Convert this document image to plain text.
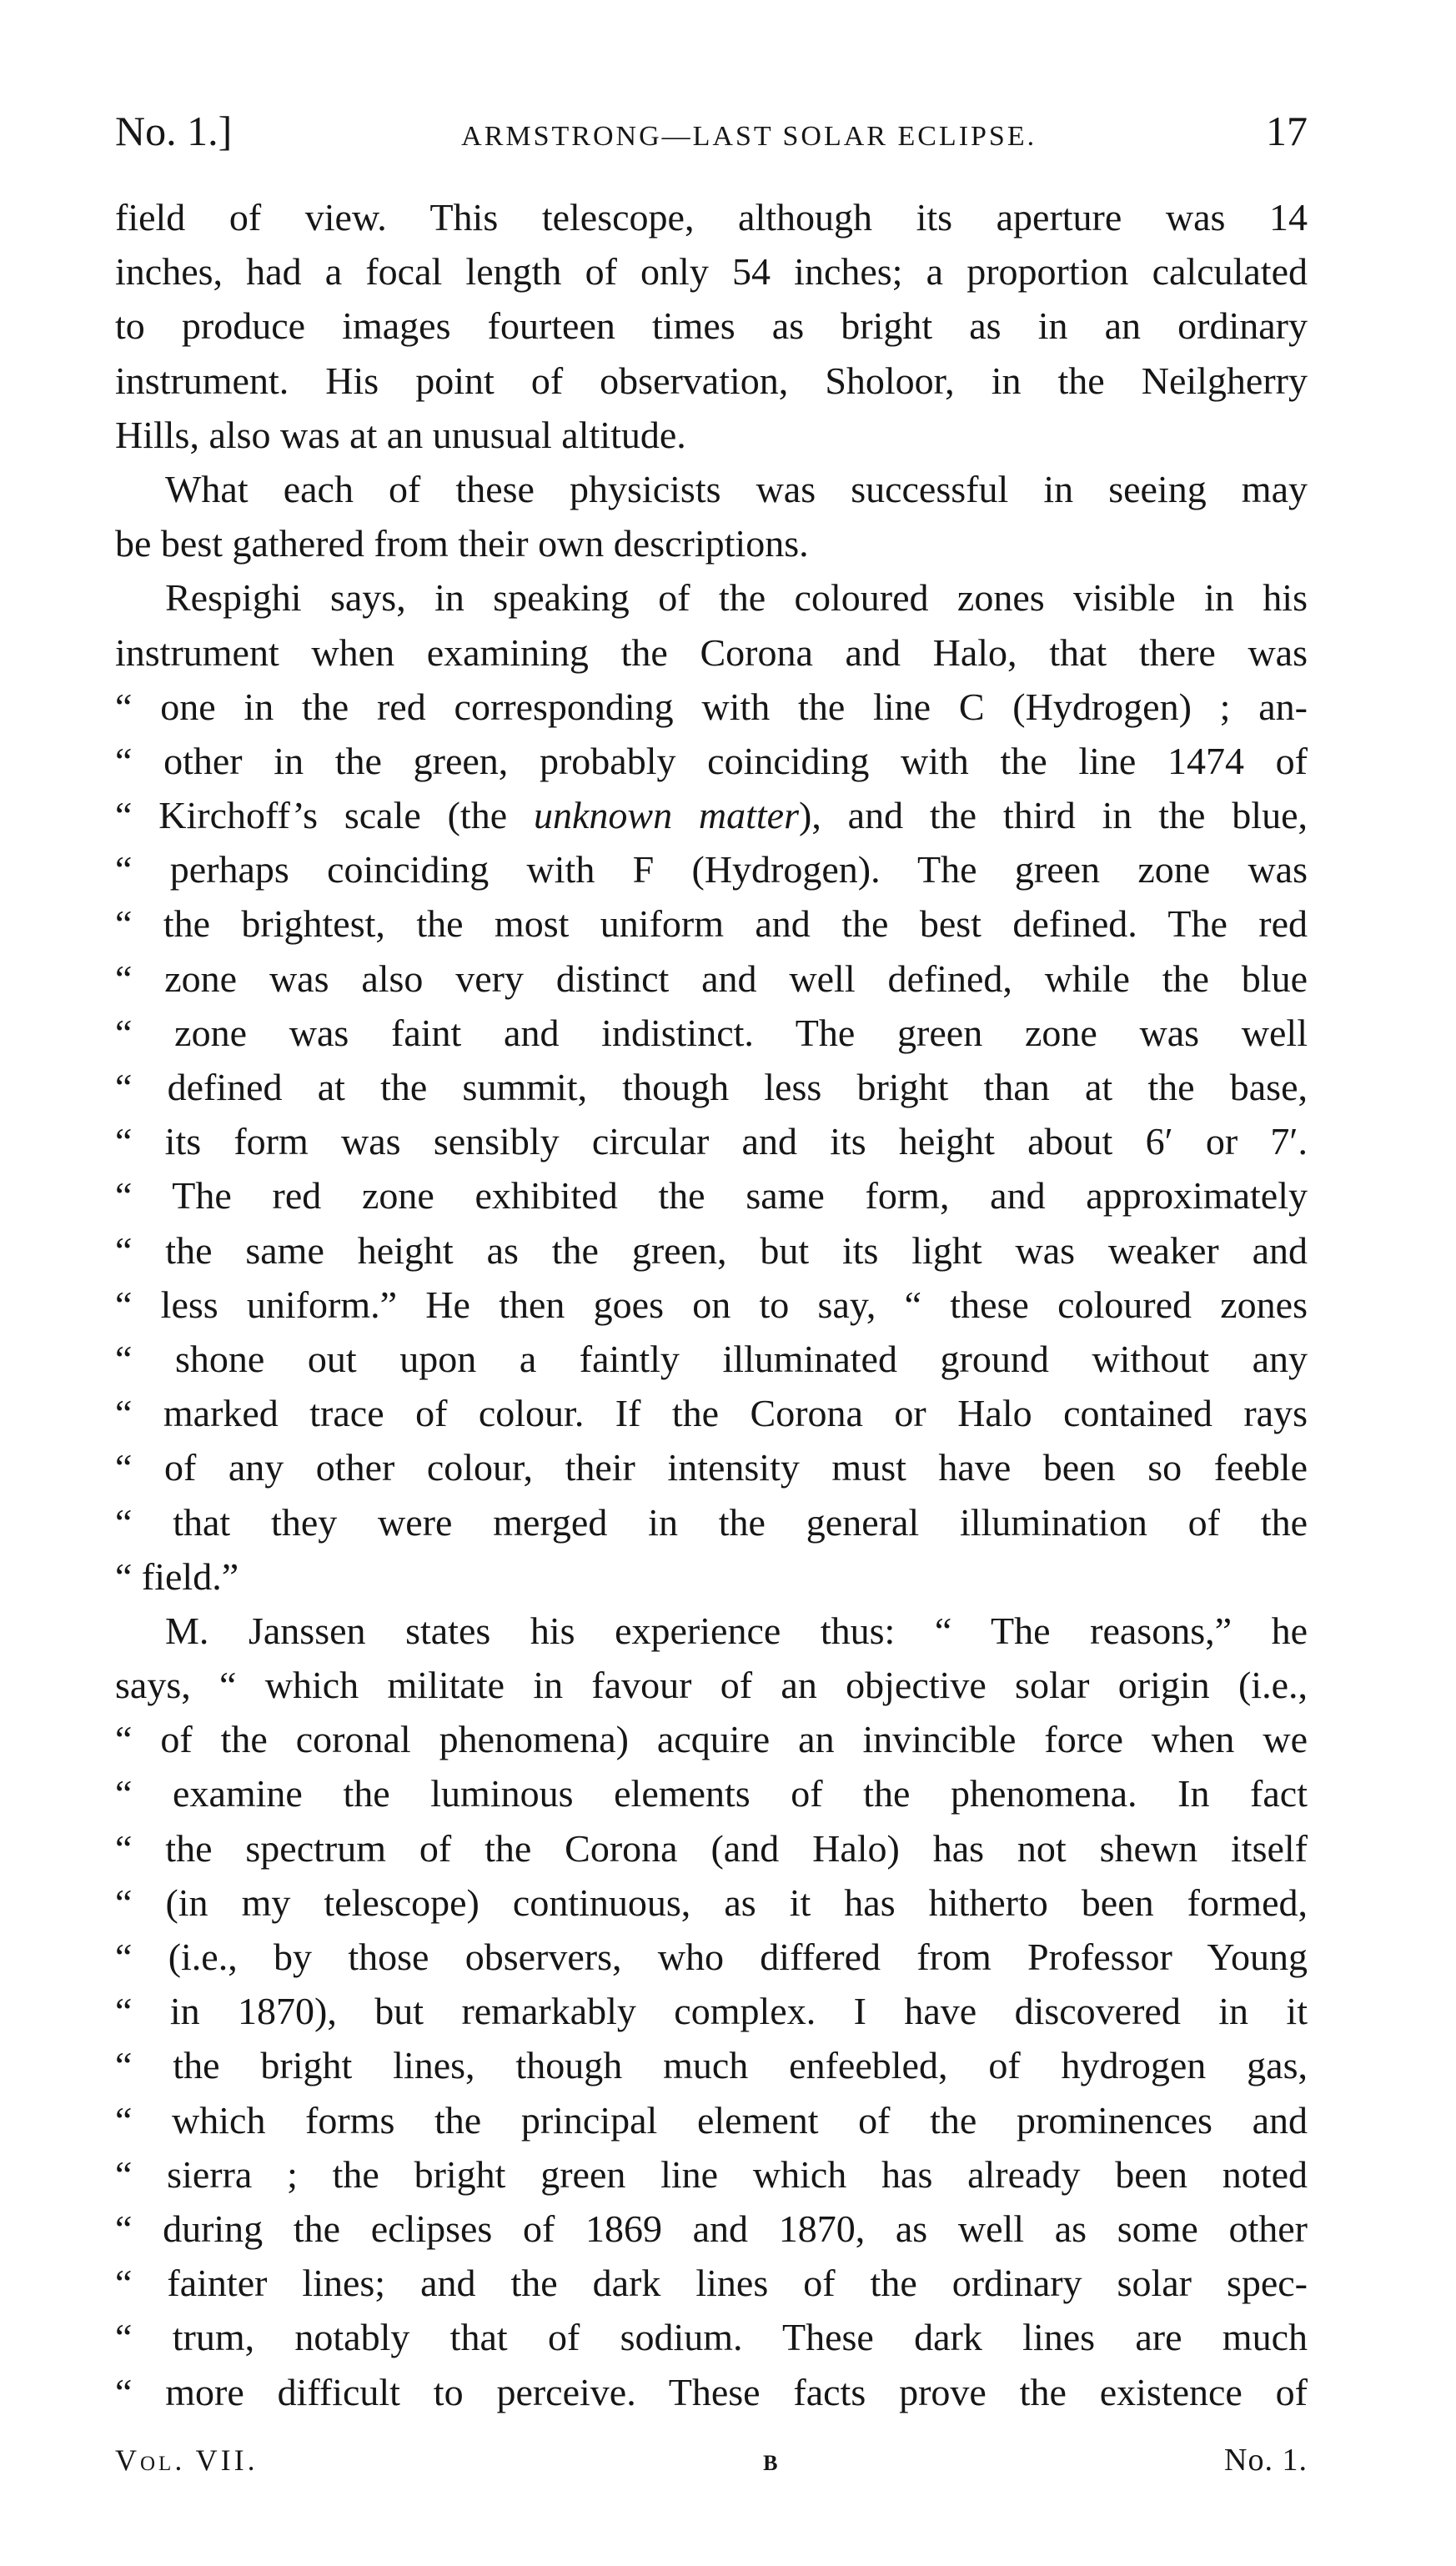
No. 1.]	ARMSTRONG—LAST SOLAR ECLIPSE.	17
field of view. This telescope, although its aperture was 14
inches, had a focal length of only 54 inches; a proportion calculated
to produce images fourteen times as bright as in an ordinary
instrument. His point of observation, Sholoor, in the Neilgherry
Hills, also was at an unusual altitude.
What each of these physicists was successful in seeing may
be best gathered from their own descriptions.
Respighi says, in speaking of the coloured zones visible in his
instrument when examining the Corona and Halo, that there was
“ one in the red corresponding with the line C (Hydrogen) ; an-
“ other in the green, probably coinciding with the line 1474 of
“ Kirchoff’s scale (the unknown matter), and the third in the blue,
“ perhaps coinciding with F (Hydrogen). The green zone was
“ the brightest, the most uniform and the best defined. The red
“ zone was also very distinct and well defined, while the blue
“ zone was faint and indistinct. The green zone was well
“ defined at the summit, though less bright than at the base,
“ its form was sensibly circular and its height about 6′ or 7′.
“ The red zone exhibited the same form, and approximately
“ the same height as the green, but its light was weaker and
“ less uniform.” He then goes on to say, “ these coloured zones
“ shone out upon a faintly illuminated ground without any
“ marked trace of colour. If the Corona or Halo contained rays
“ of any other colour, their intensity must have been so feeble
“ that they were merged in the general illumination of the
“ field.”
M. Janssen states his experience thus: “ The reasons,” he
says, “ which militate in favour of an objective solar origin (i.e.,
“ of the coronal phenomena) acquire an invincible force when we
“ examine the luminous elements of the phenomena. In fact
“ the spectrum of the Corona (and Halo) has not shewn itself
“ (in my telescope) continuous, as it has hitherto been formed,
“ (i.e., by those observers, who differed from Professor Young
“ in 1870), but remarkably complex. I have discovered in it
“ the bright lines, though much enfeebled, of hydrogen gas,
“ which forms the principal element of the prominences and
“ sierra ; the bright green line which has already been noted
“ during the eclipses of 1869 and 1870, as well as some other
“ fainter lines; and the dark lines of the ordinary solar spec-
“ trum, notably that of sodium. These dark lines are much
“ more difficult to perceive. These facts prove the existence of
Vol. VII.	B	No. 1.
